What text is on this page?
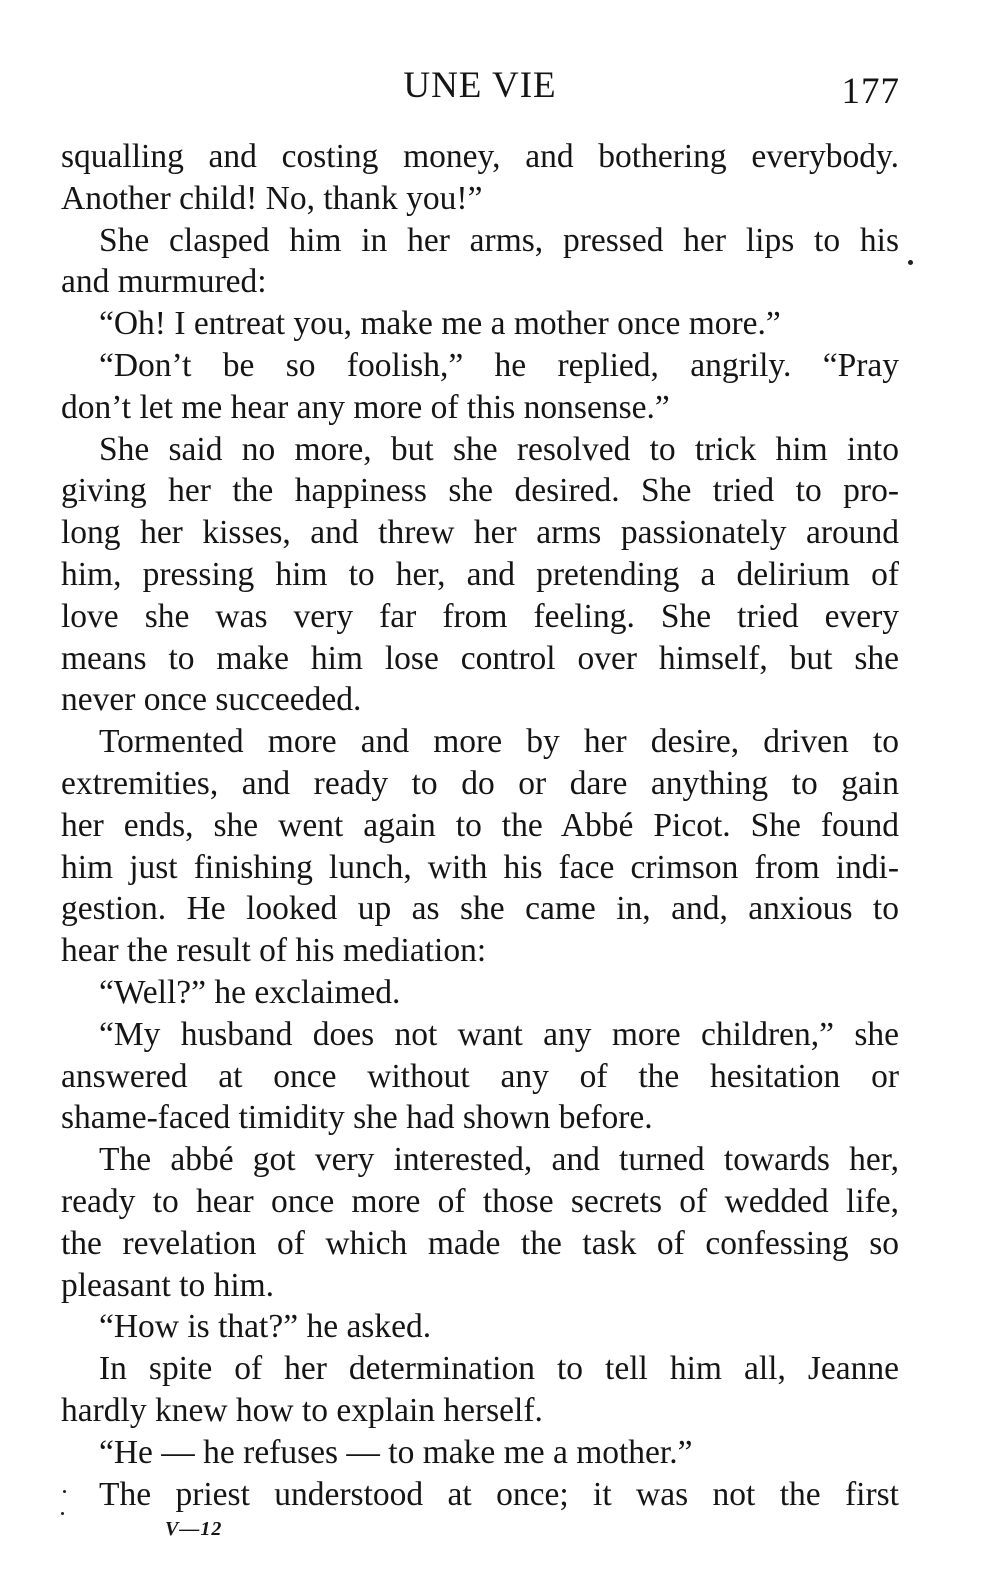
UNE VIE	177
squalling and costing money, and bothering everybody.
Another child! No, thank you!”
She clasped him in her arms, pressed her lips to his
and murmured:
“Oh! I entreat you, make me a mother once more.”
“Don’t be so foolish,” he replied, angrily. “Pray
don’t let me hear any more of this nonsense.”
She said no more, but she resolved to trick him into
giving her the happiness she desired. She tried to pro-
long her kisses, and threw her arms passionately around
him, pressing him to her, and pretending a delirium of
love she was very far from feeling. She tried every
means to make him lose control over himself, but she
never once succeeded.
Tormented more and more by her desire, driven to
extremities, and ready to do or dare anything to gain
her ends, she went again to the Abbé Picot. She found
him just finishing lunch, with his face crimson from indi-
gestion. He looked up as she came in, and, anxious to
hear the result of his mediation:
“Well?” he exclaimed.
“My husband does not want any more children,” she
answered at once without any of the hesitation or
shame-faced timidity she had shown before.
The abbé got very interested, and turned towards her,
ready to hear once more of those secrets of wedded life,
the revelation of which made the task of confessing so
pleasant to him.
“How is that?” he asked.
In spite of her determination to tell him all, Jeanne
hardly knew how to explain herself.
“He — he refuses — to make me a mother.”
The priest understood at once; it was not the first
V—12
